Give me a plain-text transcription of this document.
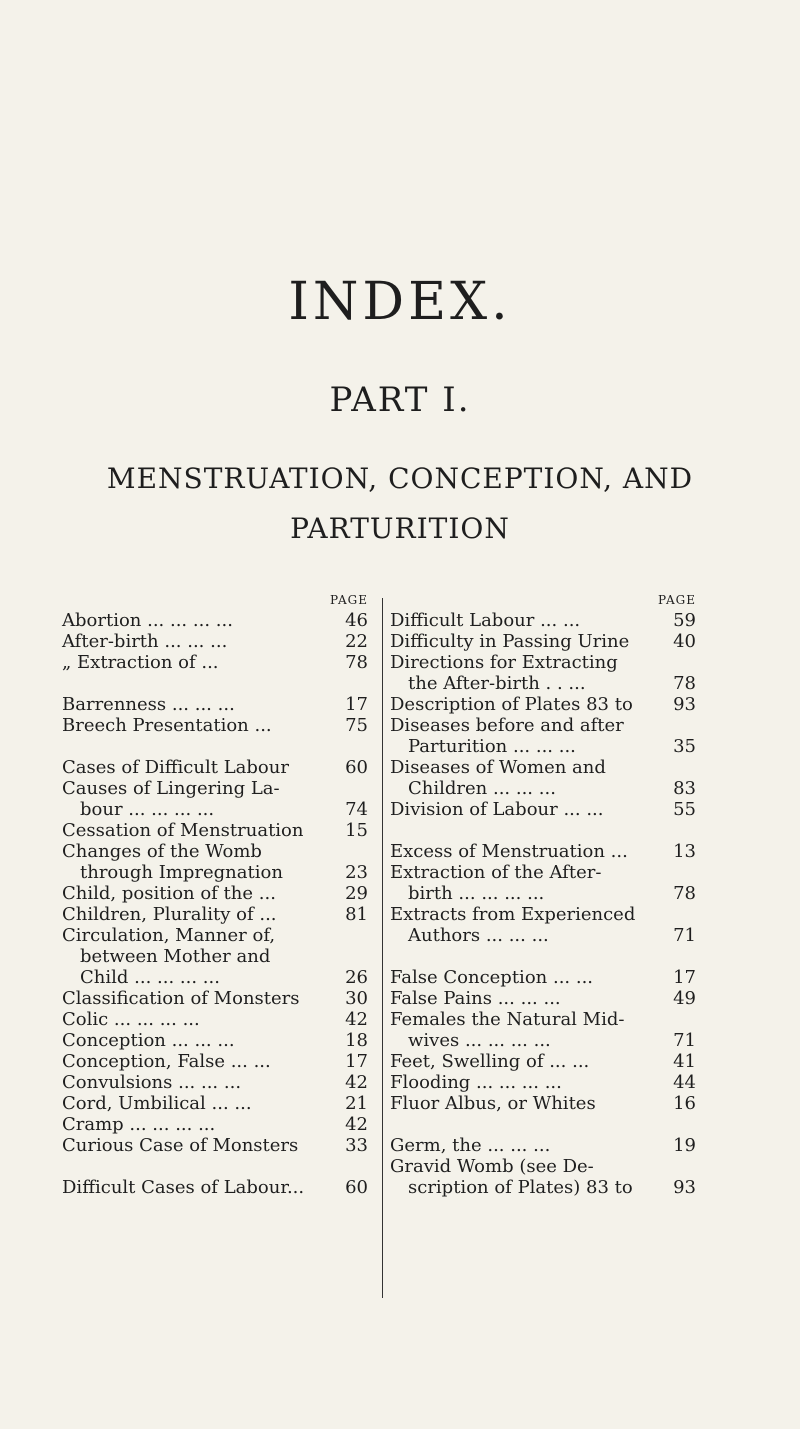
INDEX.
PART I.
MENSTRUATION, CONCEPTION, AND
PARTURITION
PAGE
Abortion ... ... ... ...	46
After-birth ... ... ...	22
„ Extraction of ...	78
Barrenness ... ... ...	17
Breech Presentation ...	75
Cases of Difficult Labour	60
Causes of Lingering La-
bour ... ... ... ...	74
Cessation of Menstruation	15
Changes of the Womb
through Impregnation	23
Child, position of the ...	29
Children, Plurality of ...	81
Circulation, Manner of,
between Mother and
Child ... ... ... ...	26
Classification of Monsters	30
Colic ... ... ... ...	42
Conception ... ... ...	18
Conception, False ... ...	17
Convulsions ... ... ...	42
Cord, Umbilical ... ...	21
Cramp ... ... ... ...	42
Curious Case of Monsters	33
Difficult Cases of Labour...	60
PAGE
Difficult Labour ... ...	59
Difficulty in Passing Urine	40
Directions for Extracting
the After-birth . . ...	78
Description of Plates 83 to	93
Diseases before and after
Parturition ... ... ...	35
Diseases of Women and
Children ... ... ...	83
Division of Labour ... ...	55
Excess of Menstruation ...	13
Extraction of the After-
birth ... ... ... ...	78
Extracts from Experienced
Authors ... ... ...	71
False Conception ... ...	17
False Pains ... ... ...	49
Females the Natural Mid-
wives ... ... ... ...	71
Feet, Swelling of ... ...	41
Flooding ... ... ... ...	44
Fluor Albus, or Whites	16
Germ, the ... ... ...	19
Gravid Womb (see De-
scription of Plates) 83 to	93
